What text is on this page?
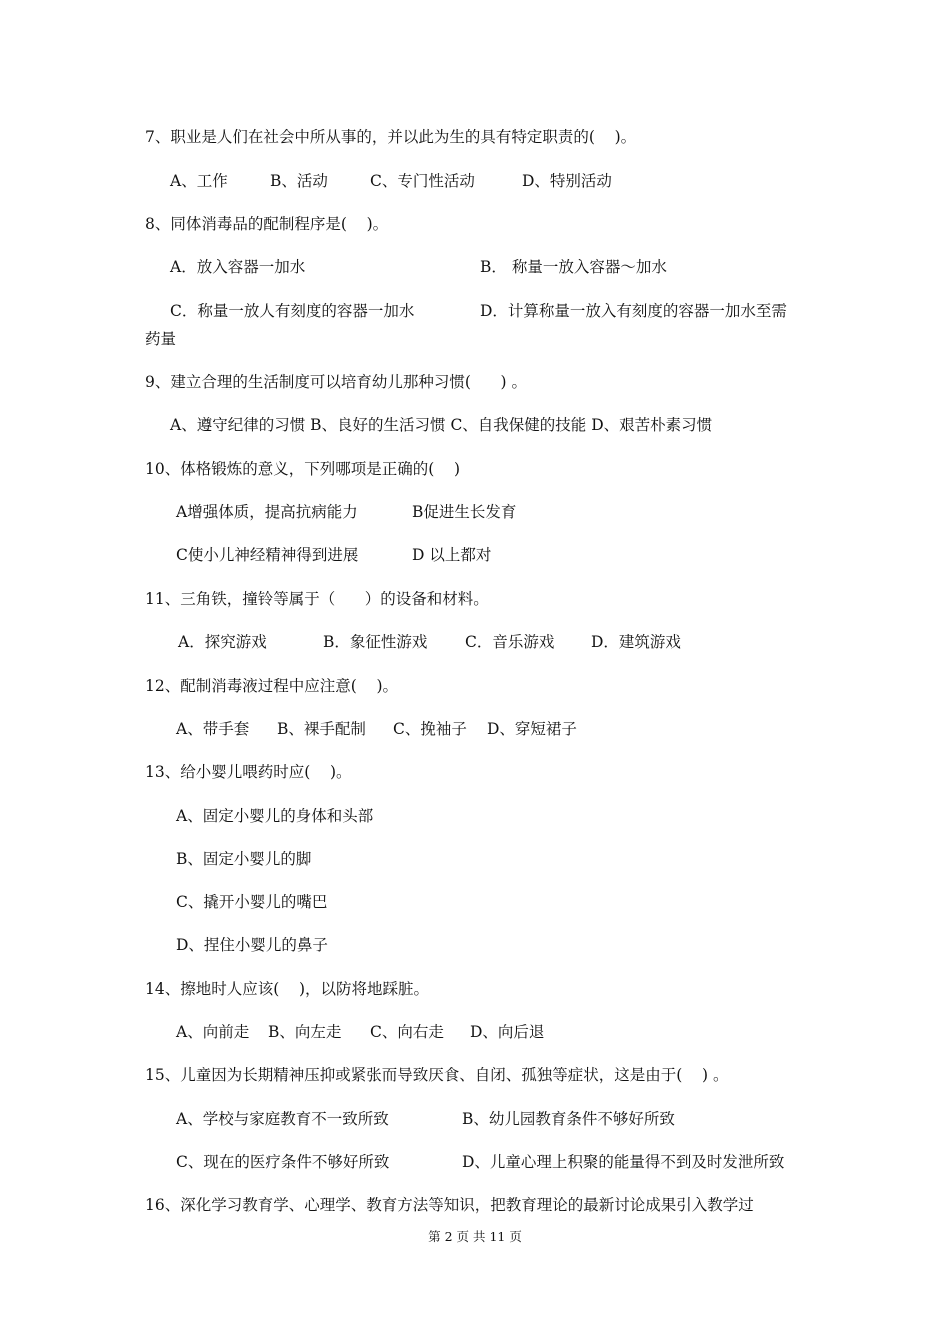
7、职业是人们在社会中所从事的，并以此为生的具有特定职责的(    )。
A、工作	B、活动	C、专门性活动	D、特别活动
8、同体消毒品的配制程序是(    )。
A．放入容器一加水	B． 称量一放入容器～加水
C．称量一放人有刻度的容器一加水	D．计算称量一放入有刻度的容器一加水至需
药量
9、建立合理的生活制度可以培育幼儿那种习惯(      ) 。
A、遵守纪律的习惯 B、良好的生活习惯 C、自我保健的技能 D、艰苦朴素习惯
10、体格锻炼的意义，下列哪项是正确的(    )
A增强体质，提高抗病能力	B促进生长发育
C使小儿神经精神得到进展	D 以上都对
11、三角铁，撞铃等属于（      ）的设备和材料。
A．探究游戏	B．象征性游戏 C．音乐游戏 D．建筑游戏
12、配制消毒液过程中应注意(    )。
A、带手套 B、裸手配制 C、挽袖子 D、穿短裙子
13、给小婴儿喂药时应(    )。
A、固定小婴儿的身体和头部
B、固定小婴儿的脚
C、撬开小婴儿的嘴巴
D、捏住小婴儿的鼻子
14、擦地时人应该(    )，以防将地踩脏。
A、向前走 B、向左走 C、向右走 D、向后退
15、儿童因为长期精神压抑或紧张而导致厌食、自闭、孤独等症状，这是由于(    ) 。
A、学校与家庭教育不一致所致	B、幼儿园教育条件不够好所致
C、现在的医疗条件不够好所致	D、儿童心理上积聚的能量得不到及时发泄所致
16、深化学习教育学、心理学、教育方法等知识，把教育理论的最新讨论成果引入教学过
第 2 页 共 11 页
